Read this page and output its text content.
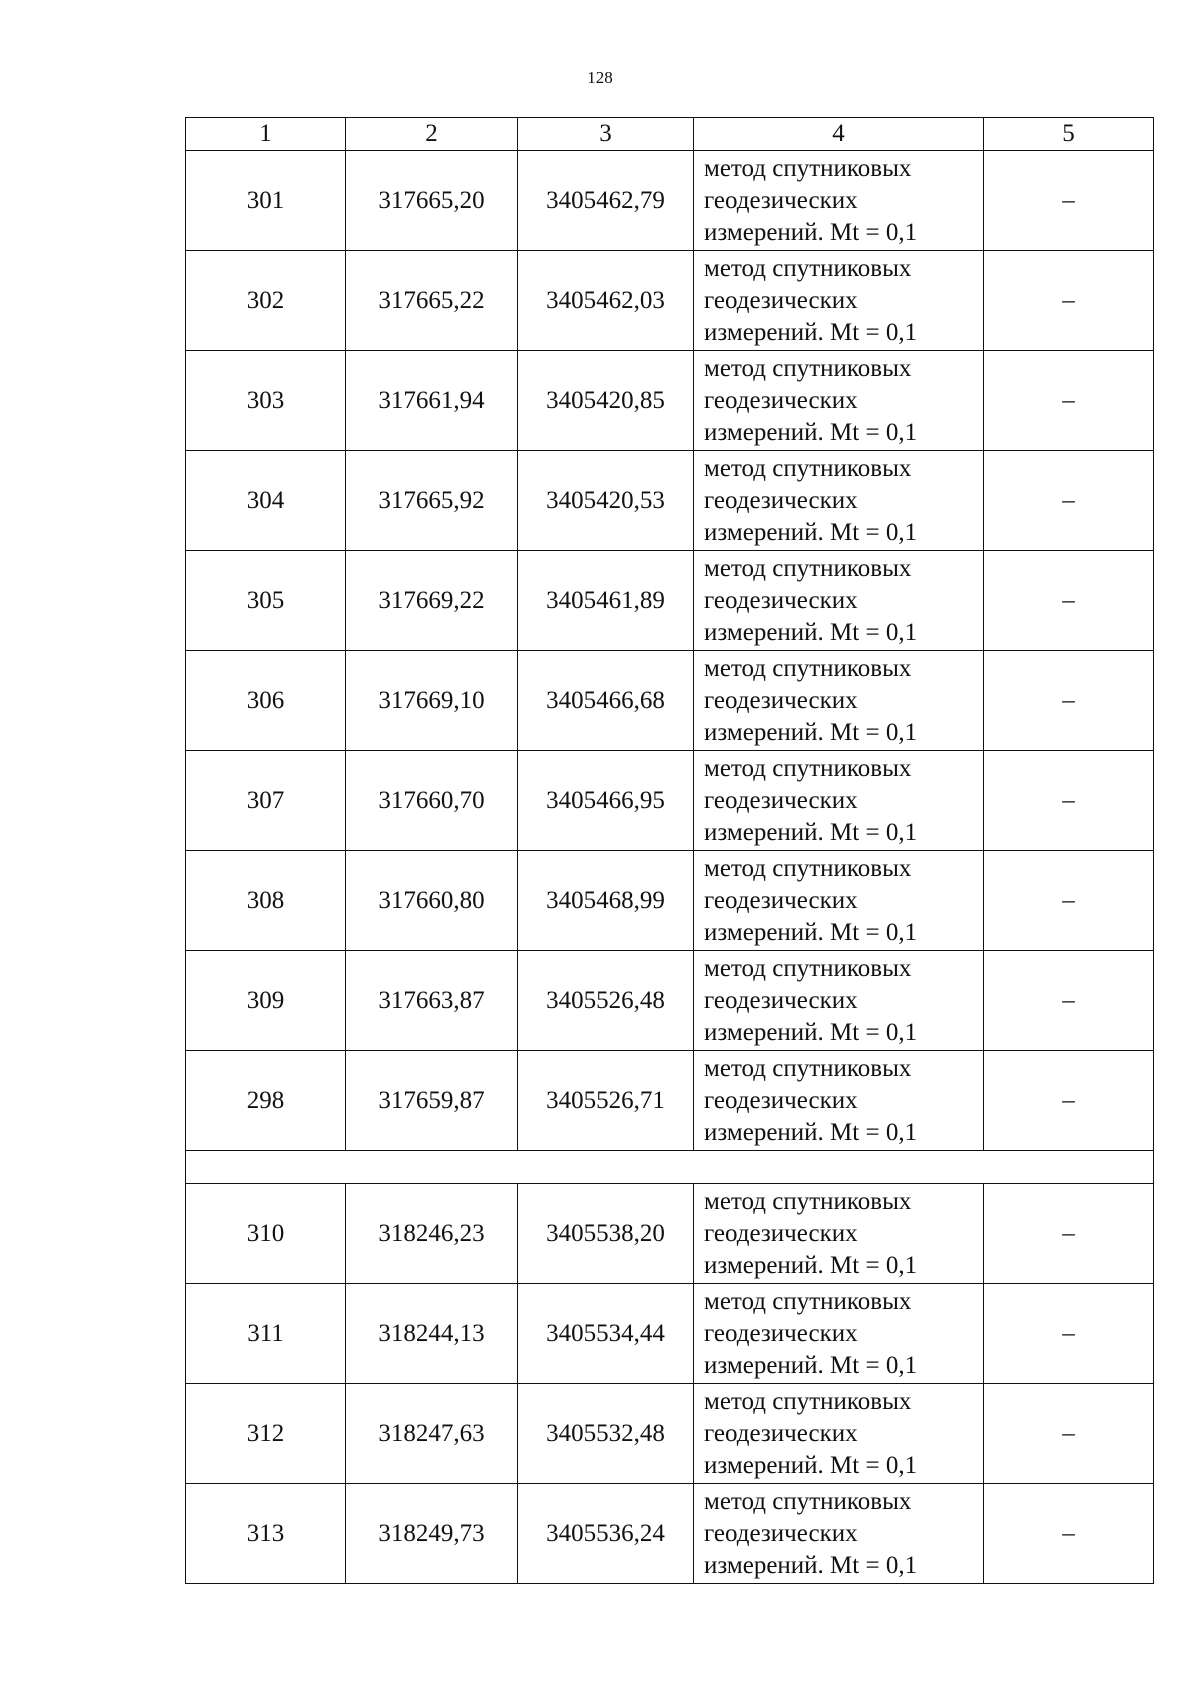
128
1	2	3	4	5
301	317665,20	3405462,79	метод спутниковых
геодезических
измерений. Mt = 0,1	–
302	317665,22	3405462,03	метод спутниковых
геодезических
измерений. Mt = 0,1	–
303	317661,94	3405420,85	метод спутниковых
геодезических
измерений. Mt = 0,1	–
304	317665,92	3405420,53	метод спутниковых
геодезических
измерений. Mt = 0,1	–
305	317669,22	3405461,89	метод спутниковых
геодезических
измерений. Mt = 0,1	–
306	317669,10	3405466,68	метод спутниковых
геодезических
измерений. Mt = 0,1	–
307	317660,70	3405466,95	метод спутниковых
геодезических
измерений. Mt = 0,1	–
308	317660,80	3405468,99	метод спутниковых
геодезических
измерений. Mt = 0,1	–
309	317663,87	3405526,48	метод спутниковых
геодезических
измерений. Mt = 0,1	–
298	317659,87	3405526,71	метод спутниковых
геодезических
измерений. Mt = 0,1	–

310	318246,23	3405538,20	метод спутниковых
геодезических
измерений. Mt = 0,1	–
311	318244,13	3405534,44	метод спутниковых
геодезических
измерений. Mt = 0,1	–
312	318247,63	3405532,48	метод спутниковых
геодезических
измерений. Mt = 0,1	–
313	318249,73	3405536,24	метод спутниковых
геодезических
измерений. Mt = 0,1	–
